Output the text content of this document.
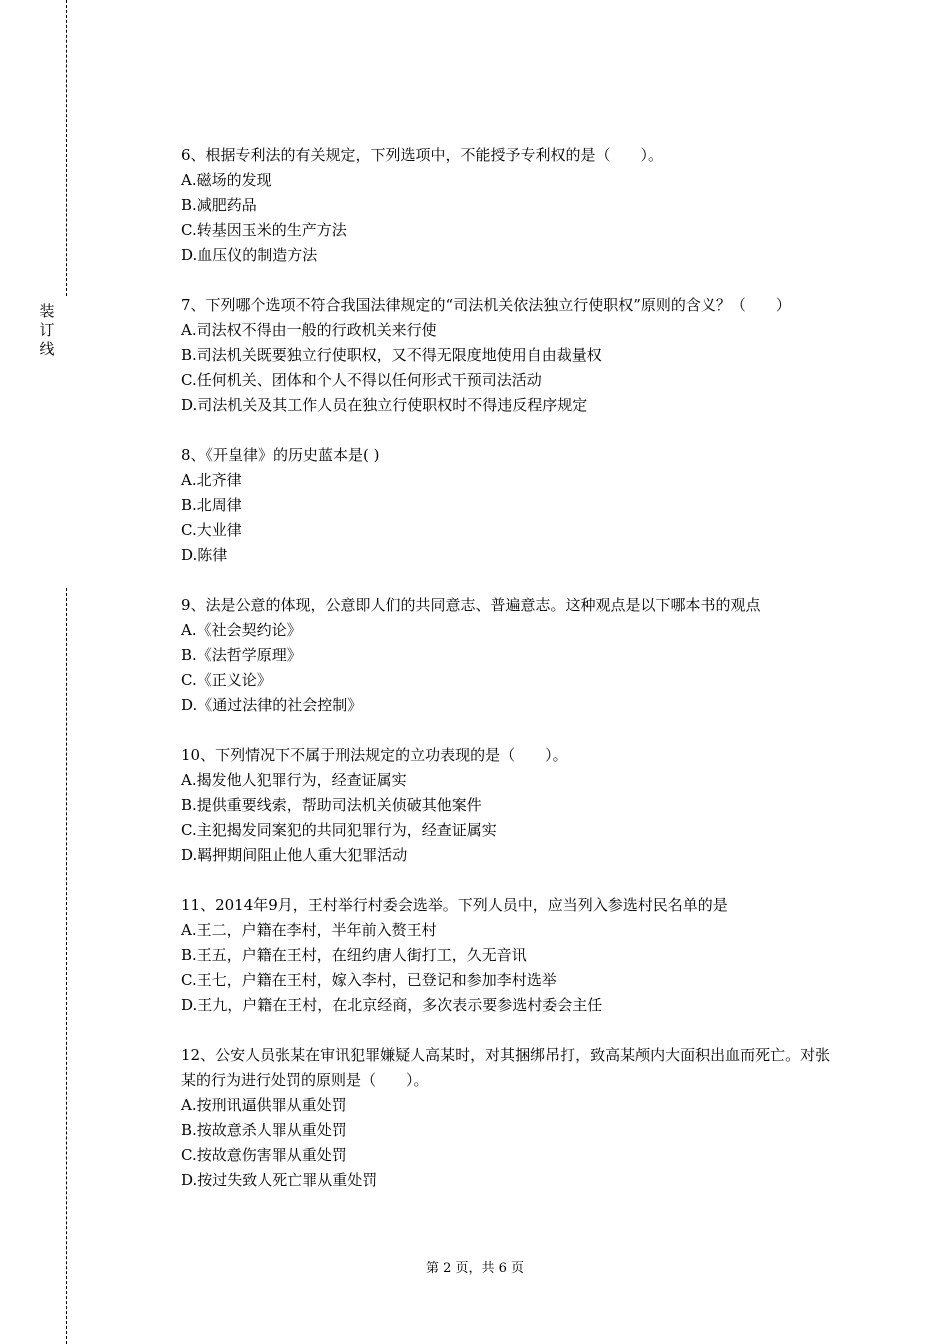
装
订
线

6、根据专利法的有关规定，下列选项中，不能授予专利权的是（　　）。

A.磁场的发现

B.减肥药品

C.转基因玉米的生产方法

D.血压仪的制造方法

7、下列哪个选项不符合我国法律规定的“司法机关依法独立行使职权”原则的含义？（　　）

A.司法权不得由一般的行政机关来行使

B.司法机关既要独立行使职权，又不得无限度地使用自由裁量权

C.任何机关、团体和个人不得以任何形式干预司法活动

D.司法机关及其工作人员在独立行使职权时不得违反程序规定

8、《开皇律》的历史蓝本是( )

A.北齐律

B.北周律

C.大业律

D.陈律

9、法是公意的体现，公意即人们的共同意志、普遍意志。这种观点是以下哪本书的观点

A.《社会契约论》

B.《法哲学原理》

C.《正义论》

D.《通过法律的社会控制》

10、下列情况下不属于刑法规定的立功表现的是（　　）。

A.揭发他人犯罪行为，经查证属实

B.提供重要线索，帮助司法机关侦破其他案件

C.主犯揭发同案犯的共同犯罪行为，经查证属实

D.羁押期间阻止他人重大犯罪活动

11、2014年9月，王村举行村委会选举。下列人员中，应当列入参选村民名单的是

A.王二，户籍在李村，半年前入赘王村

B.王五，户籍在王村，在纽约唐人街打工，久无音讯

C.王七，户籍在王村，嫁入李村，已登记和参加李村选举

D.王九，户籍在王村，在北京经商，多次表示要参选村委会主任

12、公安人员张某在审讯犯罪嫌疑人高某时，对其捆绑吊打，致高某颅内大面积出血而死亡。对张某的行为进行处罚的原则是（　　）。

A.按刑讯逼供罪从重处罚

B.按故意杀人罪从重处罚

C.按故意伤害罪从重处罚

D.按过失致人死亡罪从重处罚

第 2 页，共 6 页
